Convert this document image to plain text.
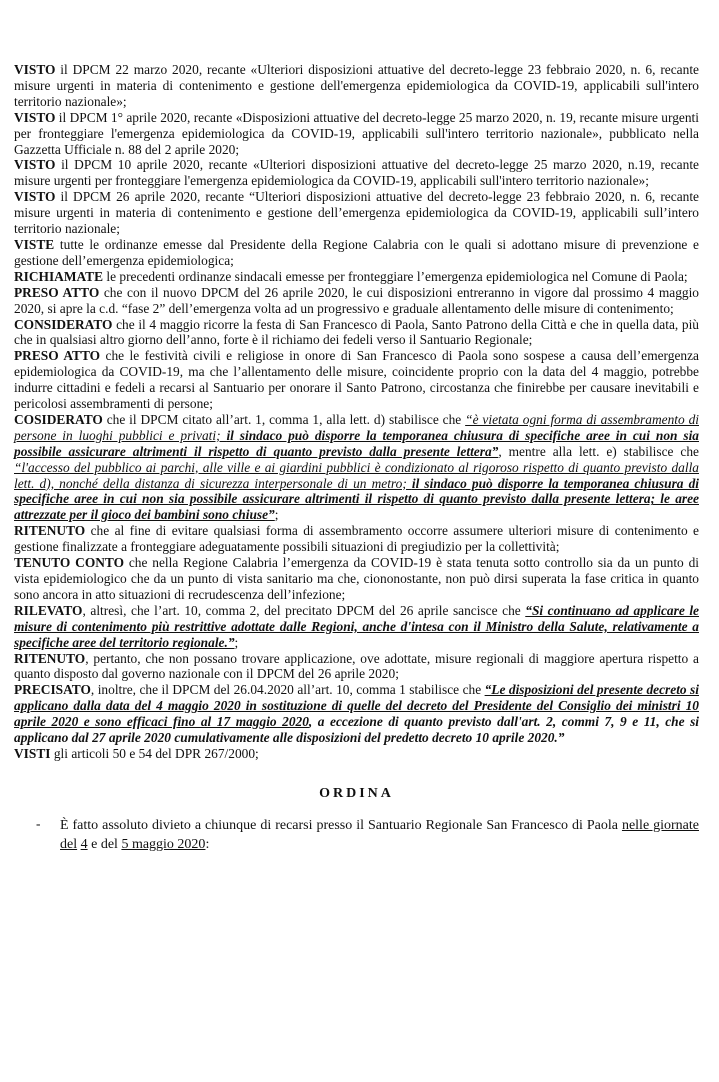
VISTO il DPCM 22 marzo 2020, recante «Ulteriori disposizioni attuative del decreto-legge 23 febbraio 2020, n. 6, recante misure urgenti in materia di contenimento e gestione dell'emergenza epidemiologica da COVID-19, applicabili sull'intero territorio nazionale»;

VISTO il DPCM 1° aprile 2020, recante «Disposizioni attuative del decreto-legge 25 marzo 2020, n. 19, recante misure urgenti per fronteggiare l'emergenza epidemiologica da COVID-19, applicabili sull'intero territorio nazionale», pubblicato nella Gazzetta Ufficiale n. 88 del 2 aprile 2020;

VISTO il DPCM 10 aprile 2020, recante «Ulteriori disposizioni attuative del decreto-legge 25 marzo 2020, n.19, recante misure urgenti per fronteggiare l'emergenza epidemiologica da COVID-19, applicabili sull'intero territorio nazionale»;

VISTO il DPCM 26 aprile 2020, recante “Ulteriori disposizioni attuative del decreto-legge 23 febbraio 2020, n. 6, recante misure urgenti in materia di contenimento e gestione dell’emergenza epidemiologica da COVID-19, applicabili sull’intero territorio nazionale;

VISTE tutte le ordinanze emesse dal Presidente della Regione Calabria con le quali si adottano misure di prevenzione e gestione dell’emergenza epidemiologica;

RICHIAMATE le precedenti ordinanze sindacali emesse per fronteggiare l’emergenza epidemiologica nel Comune di Paola;

PRESO ATTO che con il nuovo DPCM del 26 aprile 2020, le cui disposizioni entreranno in vigore dal prossimo 4 maggio 2020, si apre la c.d. “fase 2” dell’emergenza volta ad un progressivo e graduale allentamento delle misure di contenimento;

CONSIDERATO che il 4 maggio ricorre la festa di San Francesco di Paola, Santo Patrono della Città e che in quella data, più che in qualsiasi altro giorno dell’anno, forte è il richiamo dei fedeli verso il Santuario Regionale;

PRESO ATTO che le festività civili e religiose in onore di San Francesco di Paola sono sospese a causa dell’emergenza epidemiologica da COVID-19, ma che l’allentamento delle misure, coincidente proprio con la data del 4 maggio, potrebbe indurre cittadini e fedeli a recarsi al Santuario per onorare il Santo Patrono, circostanza che finirebbe per causare inevitabili e pericolosi assembramenti di persone;

COSIDERATO che il DPCM citato all’art. 1, comma 1, alla lett. d) stabilisce che “è vietata ogni forma di assembramento di persone in luoghi pubblici e privati; il sindaco può disporre la temporanea chiusura di specifiche aree in cui non sia possibile assicurare altrimenti il rispetto di quanto previsto dalla presente lettera”, mentre alla lett. e) stabilisce che “l'accesso del pubblico ai parchi, alle ville e ai giardini pubblici è condizionato al rigoroso rispetto di quanto previsto dalla lett. d), nonché della distanza di sicurezza interpersonale di un metro; il sindaco può disporre la temporanea chiusura di specifiche aree in cui non sia possibile assicurare altrimenti il rispetto di quanto previsto dalla presente lettera; le aree attrezzate per il gioco dei bambini sono chiuse”;

RITENUTO che al fine di evitare qualsiasi forma di assembramento occorre assumere ulteriori misure di contenimento e gestione finalizzate a fronteggiare adeguatamente possibili situazioni di pregiudizio per la collettività;

TENUTO CONTO che nella Regione Calabria l’emergenza da COVID-19 è stata tenuta sotto controllo sia da un punto di vista epidemiologico che da un punto di vista sanitario ma che, ciononostante, non può dirsi superata la fase critica in quanto sono ancora in atto situazioni di recrudescenza dell’infezione;

RILEVATO, altresì, che l’art. 10, comma 2, del precitato DPCM del 26 aprile sancisce che “Si continuano ad applicare le misure di contenimento più restrittive adottate dalle Regioni, anche d'intesa con il Ministro della Salute, relativamente a specifiche aree del territorio regionale.”;

RITENUTO, pertanto, che non possano trovare applicazione, ove adottate, misure regionali di maggiore apertura rispetto a quanto disposto dal governo nazionale con il DPCM del 26 aprile 2020;

PRECISATO, inoltre, che il DPCM del 26.04.2020 all’art. 10, comma 1 stabilisce che “Le disposizioni del presente decreto si applicano dalla data del 4 maggio 2020 in sostituzione di quelle del decreto del Presidente del Consiglio dei ministri 10 aprile 2020 e sono efficaci fino al 17 maggio 2020, a eccezione di quanto previsto dall'art. 2, commi 7, 9 e 11, che si applicano dal 27 aprile 2020 cumulativamente alle disposizioni del predetto decreto 10 aprile 2020.”

VISTI gli articoli 50 e 54 del DPR 267/2000;

ORDINA
-	È fatto assoluto divieto a chiunque di recarsi presso il Santuario Regionale San Francesco di Paola nelle giornate del 4 e del 5 maggio 2020:
